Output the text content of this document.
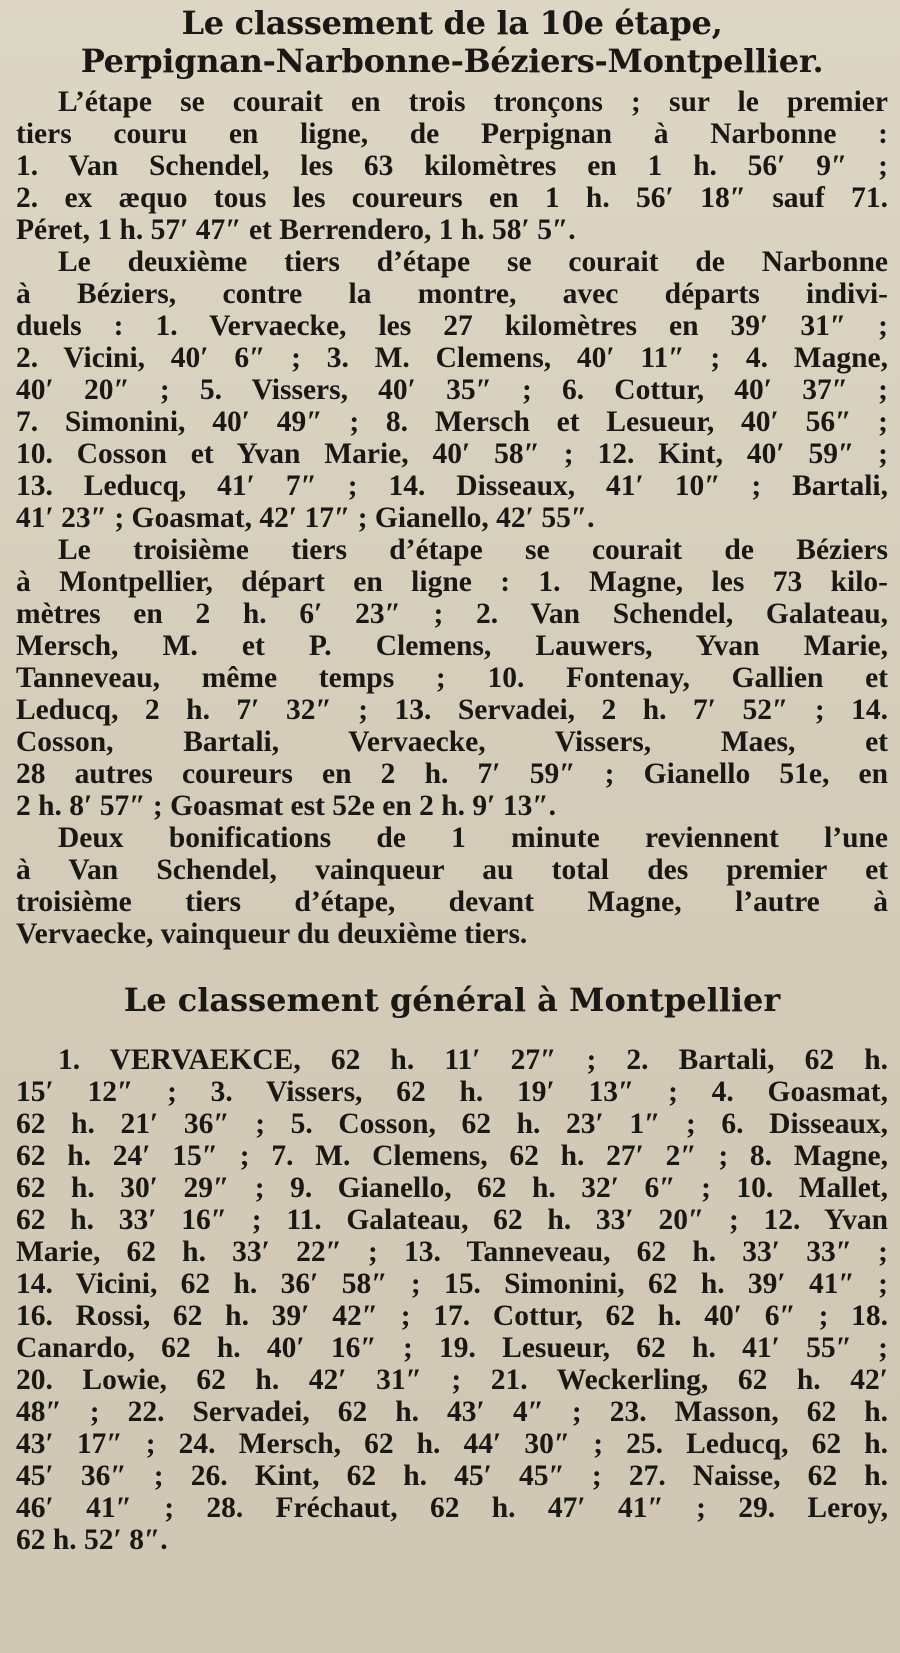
Le classement de la 10e étape,
Perpignan-Narbonne-Béziers-Montpellier.
L’étape se courait en trois tronçons ; sur le premier
tiers couru en ligne, de Perpignan à Narbonne :
1. Van Schendel, les 63 kilomètres en 1 h. 56′ 9″ ;
2. ex æquo tous les coureurs en 1 h. 56′ 18″ sauf 71.
Péret, 1 h. 57′ 47″ et Berrendero, 1 h. 58′ 5″.
Le deuxième tiers d’étape se courait de Narbonne
à Béziers, contre la montre, avec départs indivi-
duels : 1. Vervaecke, les 27 kilomètres en 39′ 31″ ;
2. Vicini, 40′ 6″ ; 3. M. Clemens, 40′ 11″ ; 4. Magne,
40′ 20″ ; 5. Vissers, 40′ 35″ ; 6. Cottur, 40′ 37″ ;
7. Simonini, 40′ 49″ ; 8. Mersch et Lesueur, 40′ 56″ ;
10. Cosson et Yvan Marie, 40′ 58″ ; 12. Kint, 40′ 59″ ;
13. Leducq, 41′ 7″ ; 14. Disseaux, 41′ 10″ ; Bartali,
41′ 23″ ; Goasmat, 42′ 17″ ; Gianello, 42′ 55″.
Le troisième tiers d’étape se courait de Béziers
à Montpellier, départ en ligne : 1. Magne, les 73 kilo-
mètres en 2 h. 6′ 23″ ; 2. Van Schendel, Galateau,
Mersch, M. et P. Clemens, Lauwers, Yvan Marie,
Tanneveau, même temps ; 10. Fontenay, Gallien et
Leducq, 2 h. 7′ 32″ ; 13. Servadei, 2 h. 7′ 52″ ; 14.
Cosson, Bartali, Vervaecke, Vissers, Maes, et
28 autres coureurs en 2 h. 7′ 59″ ; Gianello 51e, en
2 h. 8′ 57″ ; Goasmat est 52e en 2 h. 9′ 13″.
Deux bonifications de 1 minute reviennent l’une
à Van Schendel, vainqueur au total des premier et
troisième tiers d’étape, devant Magne, l’autre à
Vervaecke, vainqueur du deuxième tiers.
Le classement général à Montpellier
1. VERVAEKCE, 62 h. 11′ 27″ ; 2. Bartali, 62 h.
15′ 12″ ; 3. Vissers, 62 h. 19′ 13″ ; 4. Goasmat,
62 h. 21′ 36″ ; 5. Cosson, 62 h. 23′ 1″ ; 6. Disseaux,
62 h. 24′ 15″ ; 7. M. Clemens, 62 h. 27′ 2″ ; 8. Magne,
62 h. 30′ 29″ ; 9. Gianello, 62 h. 32′ 6″ ; 10. Mallet,
62 h. 33′ 16″ ; 11. Galateau, 62 h. 33′ 20″ ; 12. Yvan
Marie, 62 h. 33′ 22″ ; 13. Tanneveau, 62 h. 33′ 33″ ;
14. Vicini, 62 h. 36′ 58″ ; 15. Simonini, 62 h. 39′ 41″ ;
16. Rossi, 62 h. 39′ 42″ ; 17. Cottur, 62 h. 40′ 6″ ; 18.
Canardo, 62 h. 40′ 16″ ; 19. Lesueur, 62 h. 41′ 55″ ;
20. Lowie, 62 h. 42′ 31″ ; 21. Weckerling, 62 h. 42′
48″ ; 22. Servadei, 62 h. 43′ 4″ ; 23. Masson, 62 h.
43′ 17″ ; 24. Mersch, 62 h. 44′ 30″ ; 25. Leducq, 62 h.
45′ 36″ ; 26. Kint, 62 h. 45′ 45″ ; 27. Naisse, 62 h.
46′ 41″ ; 28. Fréchaut, 62 h. 47′ 41″ ; 29. Leroy,
62 h. 52′ 8″.
